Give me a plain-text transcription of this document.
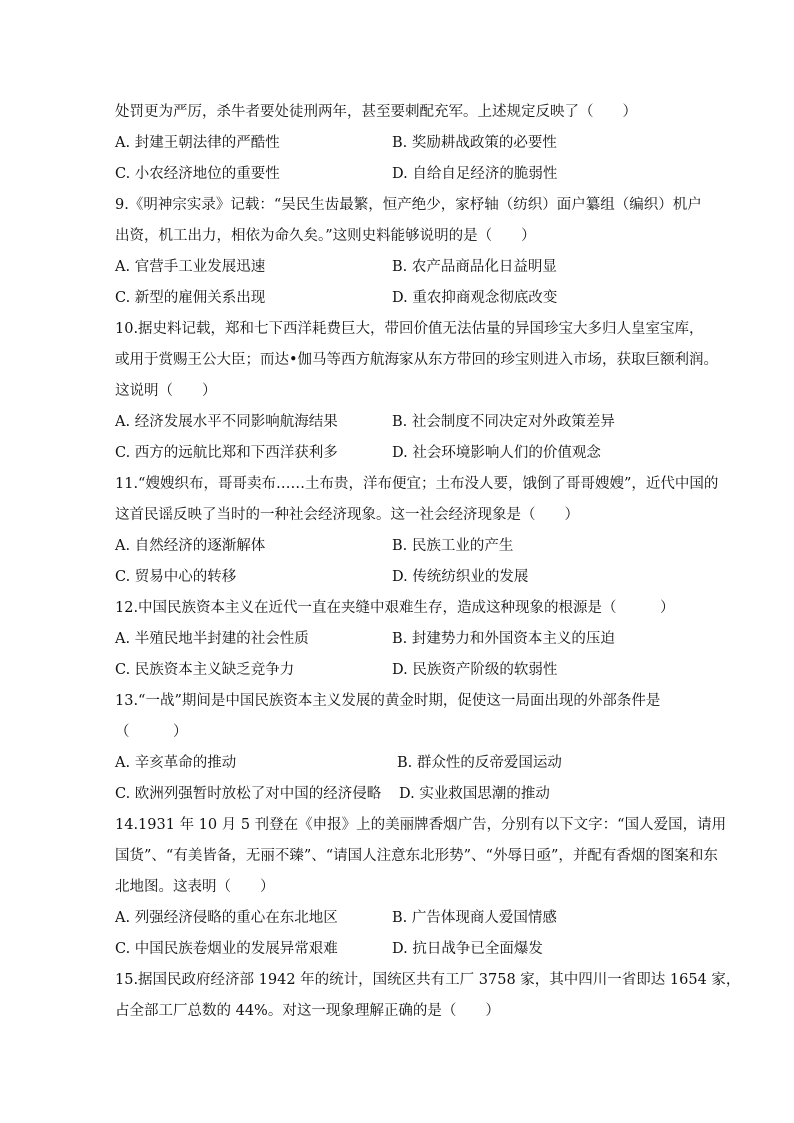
处罚更为严厉，杀牛者要处徒刑两年，甚至要刺配充军。上述规定反映了（　　）
A. 封建王朝法律的严酷性	B. 奖励耕战政策的必要性
C. 小农经济地位的重要性	D. 自给自足经济的脆弱性
9.《明神宗实录》记载：“吴民生齿最繁，恒产绝少，家杼轴（纺织）面户纂组（编织）机户
出资，机工出力，相依为命久矣。”这则史料能够说明的是（　　）
A. 官营手工业发展迅速	B. 农产品商品化日益明显
C. 新型的雇佣关系出现	D. 重农抑商观念彻底改变
10.据史料记载，郑和七下西洋耗费巨大，带回价值无法估量的异国珍宝大多归人皇室宝库，
或用于赏赐王公大臣；而达•伽马等西方航海家从东方带回的珍宝则进入市场，获取巨额利润。
这说明（　　）
A. 经济发展水平不同影响航海结果	B. 社会制度不同决定对外政策差异
C. 西方的远航比郑和下西洋获利多	D. 社会环境影响人们的价值观念
11.“嫂嫂织布，哥哥卖布……土布贵，洋布便宜；土布没人要，饿倒了哥哥嫂嫂”，近代中国的
这首民谣反映了当时的一种社会经济现象。这一社会经济现象是（　　）
A. 自然经济的逐渐解体	B. 民族工业的产生
C. 贸易中心的转移	D. 传统纺织业的发展
12.中国民族资本主义在近代一直在夹缝中艰难生存，造成这种现象的根源是（　　　）
A. 半殖民地半封建的社会性质	B. 封建势力和外国资本主义的压迫
C. 民族资本主义缺乏竞争力	D. 民族资产阶级的软弱性
13.“一战”期间是中国民族资本主义发展的黄金时期，促使这一局面出现的外部条件是
（　　　）
A. 辛亥革命的推动	B. 群众性的反帝爱国运动
C. 欧洲列强暂时放松了对中国的经济侵略	D. 实业救国思潮的推动
14.1931 年 10 月 5 刊登在《申报》上的美丽牌香烟广告，分别有以下文字：“国人爱国，请用
国货”、“有美皆备，无丽不臻”、“请国人注意东北形势”、“外辱日亟”，并配有香烟的图案和东
北地图。这表明（　　）
A. 列强经济侵略的重心在东北地区	B. 广告体现商人爱国情感
C. 中国民族卷烟业的发展异常艰难	D. 抗日战争已全面爆发
15.据国民政府经济部 1942 年的统计，国统区共有工厂 3758 家，其中四川一省即达 1654 家，
占全部工厂总数的 44%。对这一现象理解正确的是（　　）
